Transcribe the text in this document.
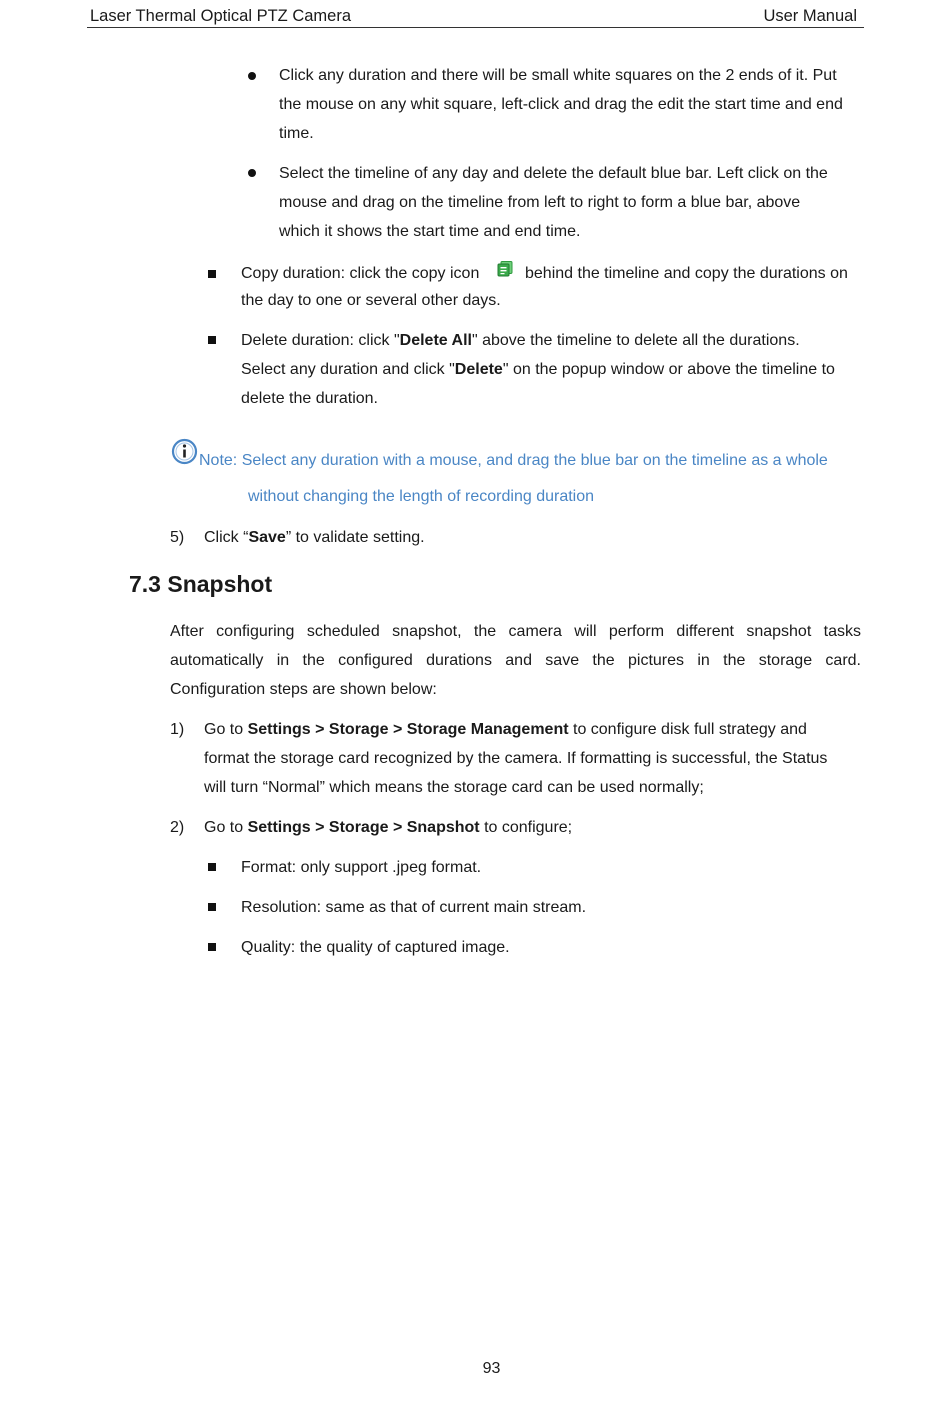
Laser Thermal Optical PTZ Camera	User Manual
Click any duration and there will be small white squares on the 2 ends of it. Put
the mouse on any whit square, left-click and drag the edit the start time and end
time.
Select the timeline of any day and delete the default blue bar. Left click on the
mouse and drag on the timeline from left to right to form a blue bar, above
which it shows the start time and end time.
Copy duration: click the copy icon	behind the timeline and copy the durations on
the day to one or several other days.
Delete duration: click "Delete All" above the timeline to delete all the durations.
Select any duration and click "Delete" on the popup window or above the timeline to
delete the duration.
Note: Select any duration with a mouse, and drag the blue bar on the timeline as a whole
without changing the length of recording duration
5) Click “Save” to validate setting.
7.3 Snapshot
After configuring scheduled snapshot, the camera will perform different snapshot tasks
automatically in the configured durations and save the pictures in the storage card.
Configuration steps are shown below:
1) Go to Settings > Storage > Storage Management to configure disk full strategy and
format the storage card recognized by the camera. If formatting is successful, the Status
will turn “Normal” which means the storage card can be used normally;
2) Go to Settings > Storage > Snapshot to configure;
Format: only support .jpeg format.
Resolution: same as that of current main stream.
Quality: the quality of captured image.
93
